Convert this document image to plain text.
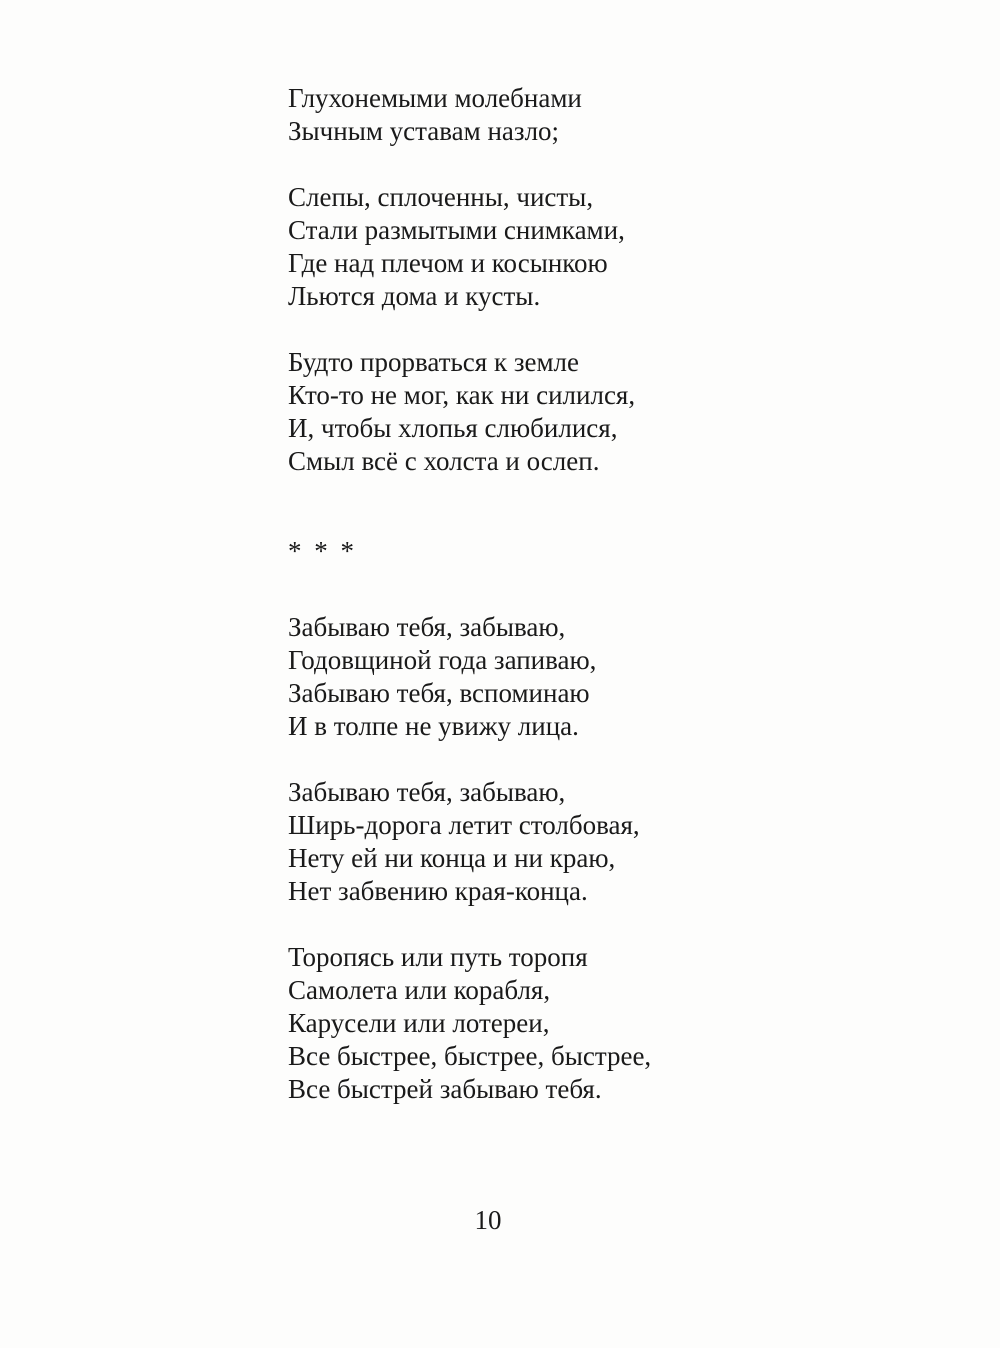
Глухонемыми молебнами
Зычным уставам назло;
Слепы, сплоченны, чисты,
Стали размытыми снимками,
Где над плечом и косынкою
Льются дома и кусты.
Будто прорваться к земле
Кто-то не мог, как ни силился,
И, чтобы хлопья слюбилися,
Смыл всё с холста и ослеп.
* * *
Забываю тебя, забываю,
Годовщиной года запиваю,
Забываю тебя, вспоминаю
И в толпе не увижу лица.
Забываю тебя, забываю,
Ширь-дорога летит столбовая,
Нету ей ни конца и ни краю,
Нет забвению края-конца.
Торопясь или путь торопя
Самолета или корабля,
Карусели или лотереи,
Все быстрее, быстрее, быстрее,
Все быстрей забываю тебя.
10
